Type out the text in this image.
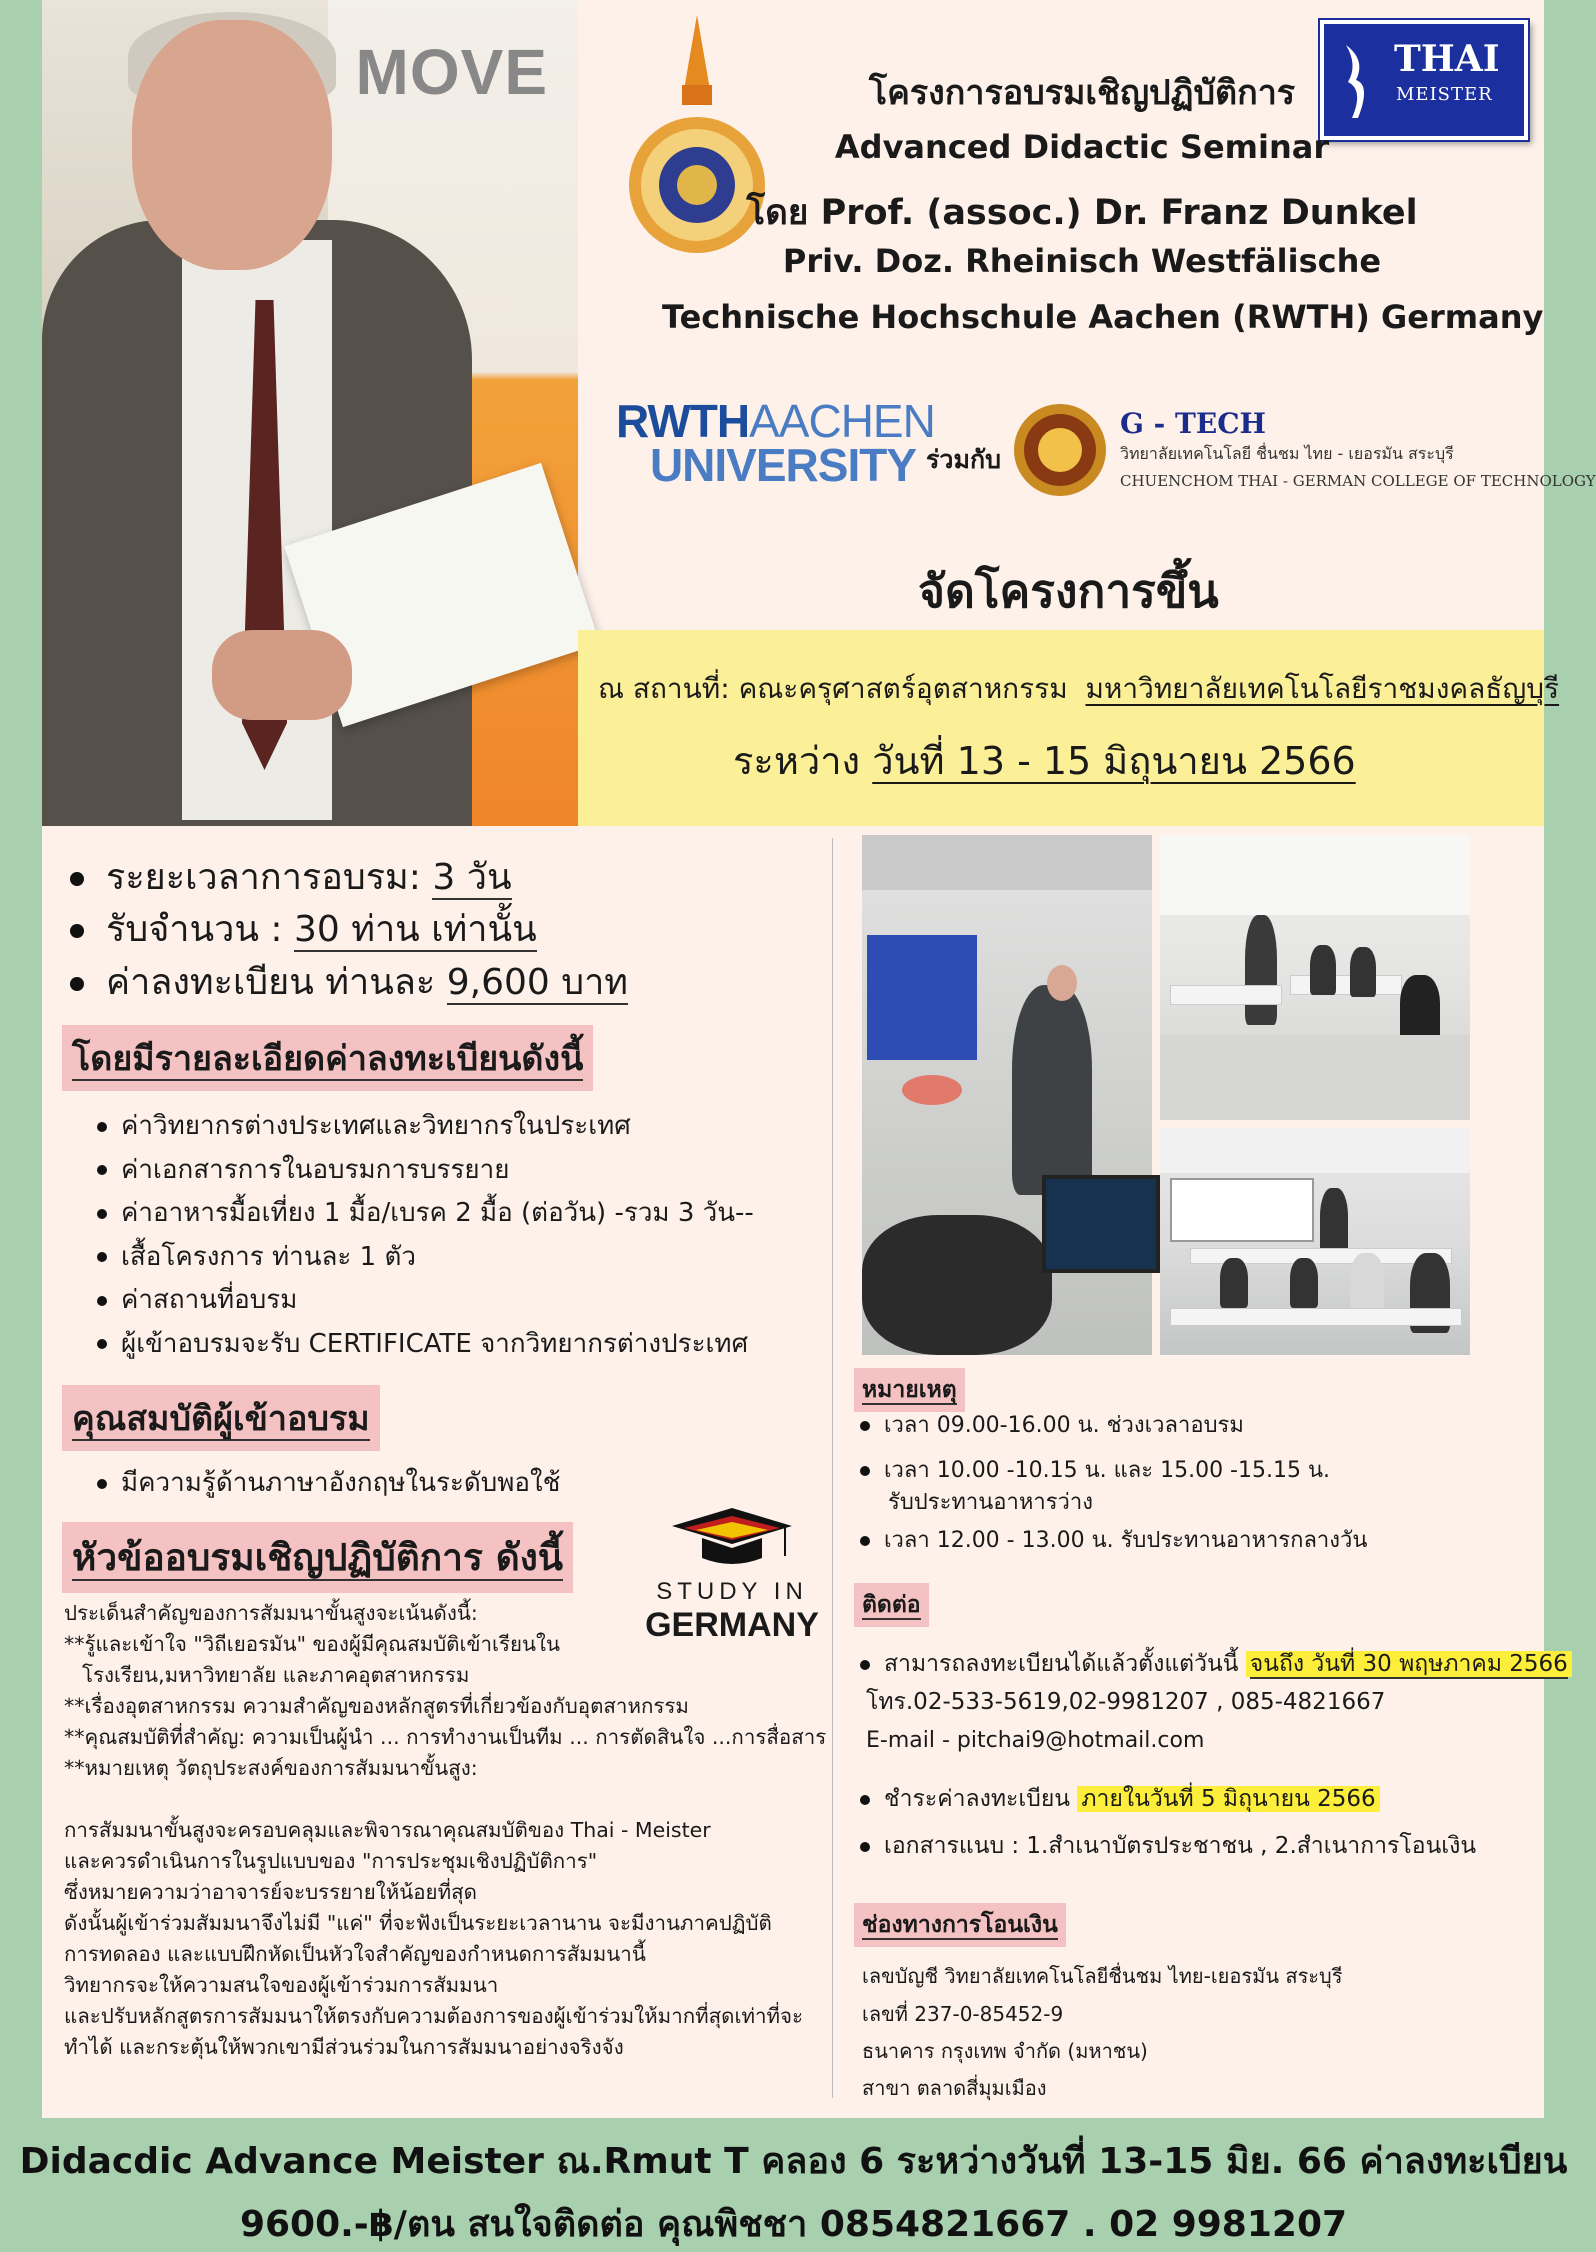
MOVE	THAI
MEISTER
โครงการอบรมเชิญปฏิบัติการ
Advanced Didactic Seminar
โดย Prof. (assoc.) Dr. Franz Dunkel
Priv. Doz. Rheinisch Westfälische
Technische Hochschule Aachen (RWTH) Germany
RWTHAACHEN
UNIVERSITY ร่วมกับ
G - TECH
วิทยาลัยเทคโนโลยี ชื่นชม ไทย - เยอรมัน สระบุรี
CHUENCHOM THAI - GERMAN COLLEGE OF TECHNOLOGY
จัดโครงการขึ้น
ณ สถานที่: คณะครุศาสตร์อุตสาหกรรม มหาวิทยาลัยเทคโนโลยีราชมงคลธัญบุรี
ระหว่าง วันที่ 13 - 15 มิถุนายน 2566
ระยะเวลาการอบรม: 3 วัน
รับจำนวน : 30 ท่าน เท่านั้น
ค่าลงทะเบียน ท่านละ 9,600 บาท
โดยมีรายละเอียดค่าลงทะเบียนดังนี้
ค่าวิทยากรต่างประเทศและวิทยากรในประเทศ
ค่าเอกสารการในอบรมการบรรยาย
ค่าอาหารมื้อเที่ยง 1 มื้อ/เบรค 2 มื้อ (ต่อวัน) -รวม 3 วัน--
เสื้อโครงการ ท่านละ 1 ตัว
ค่าสถานที่อบรม
ผู้เข้าอบรมจะรับ CERTIFICATE จากวิทยากรต่างประเทศ
คุณสมบัติผู้เข้าอบรม
มีความรู้ด้านภาษาอังกฤษในระดับพอใช้
หัวข้ออบรมเชิญปฏิบัติการ ดังนี้
STUDY IN
GERMANY
ประเด็นสำคัญของการสัมมนาขั้นสูงจะเน้นดังนี้:
**รู้และเข้าใจ "วิถีเยอรมัน" ของผู้มีคุณสมบัติเข้าเรียนใน
โรงเรียน,มหาวิทยาลัย และภาคอุตสาหกรรม
**เรื่องอุตสาหกรรม ความสำคัญของหลักสูตรที่เกี่ยวข้องกับอุตสาหกรรม
**คุณสมบัติที่สำคัญ: ความเป็นผู้นำ ... การทำงานเป็นทีม ... การตัดสินใจ ...การสื่อสาร
**หมายเหตุ วัตถุประสงค์ของการสัมมนาขั้นสูง:
การสัมมนาขั้นสูงจะครอบคลุมและพิจารณาคุณสมบัติของ Thai - Meister
และควรดำเนินการในรูปแบบของ "การประชุมเชิงปฏิบัติการ"
ซึ่งหมายความว่าอาจารย์จะบรรยายให้น้อยที่สุด
ดังนั้นผู้เข้าร่วมสัมมนาจึงไม่มี "แค่" ที่จะฟังเป็นระยะเวลานาน จะมีงานภาคปฏิบัติ
การทดลอง และแบบฝึกหัดเป็นหัวใจสำคัญของกำหนดการสัมมนานี้
วิทยากรจะให้ความสนใจของผู้เข้าร่วมการสัมมนา
และปรับหลักสูตรการสัมมนาให้ตรงกับความต้องการของผู้เข้าร่วมให้มากที่สุดเท่าที่จะ
ทำได้ และกระตุ้นให้พวกเขามีส่วนร่วมในการสัมมนาอย่างจริงจัง
หมายเหตุ
เวลา 09.00-16.00 น. ช่วงเวลาอบรม
เวลา 10.00 -10.15 น. และ 15.00 -15.15 น.
รับประทานอาหารว่าง
เวลา 12.00 - 13.00 น. รับประทานอาหารกลางวัน
ติดต่อ
สามารถลงทะเบียนได้แล้วตั้งแต่วันนี้ จนถึง วันที่ 30 พฤษภาคม 2566
โทร.02-533-5619,02-9981207 , 085-4821667
E-mail - pitchai9@hotmail.com
ชำระค่าลงทะเบียน ภายในวันที่ 5 มิถุนายน 2566
เอกสารแนบ : 1.สำเนาบัตรประชาชน , 2.สำเนาการโอนเงิน
ช่องทางการโอนเงิน
เลขบัญชี วิทยาลัยเทคโนโลยีชื่นชม ไทย-เยอรมัน สระบุรี
เลขที่ 237-0-85452-9
ธนาคาร กรุงเทพ จำกัด (มหาชน)
สาขา ตลาดสี่มุมเมือง
Didacdic Advance Meister ณ.Rmut T คลอง 6 ระหว่างวันที่ 13-15 มิย. 66 ค่าลงทะเบียน
9600.-฿/ตน สนใจติดต่อ คุณพิชชา 0854821667 . 02 9981207
